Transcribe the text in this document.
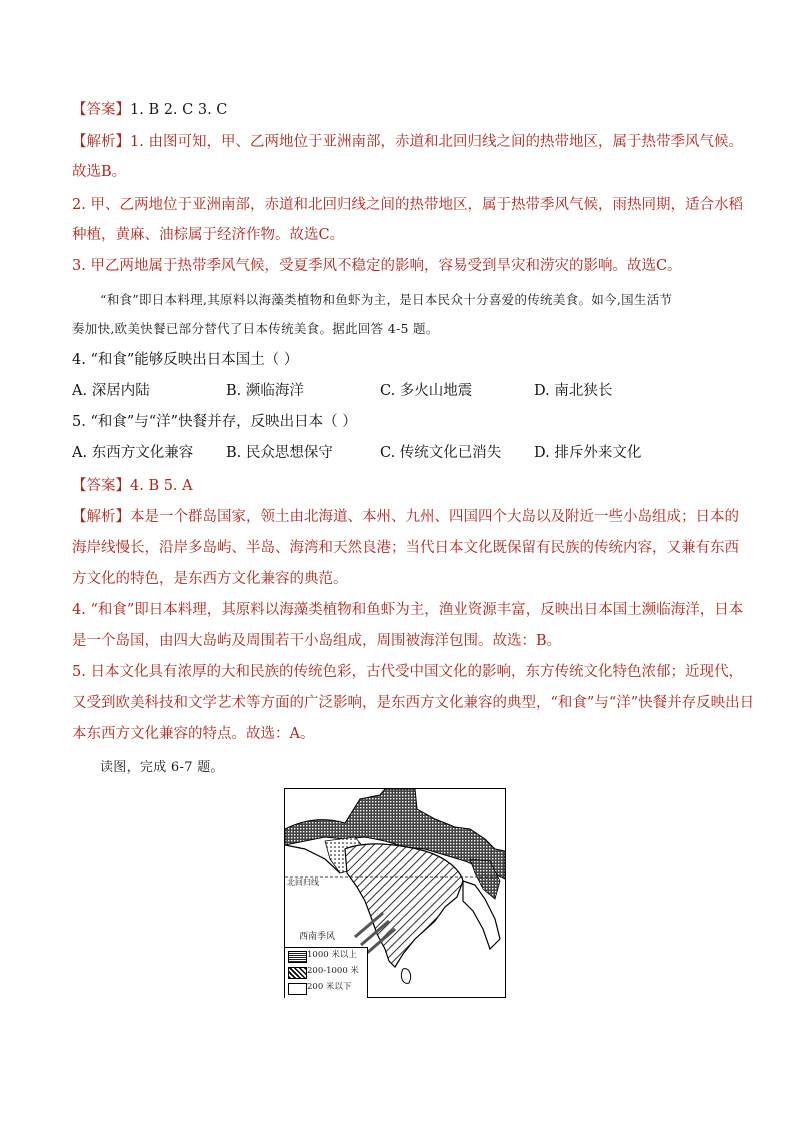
【答案】1. B 2. C 3. C
【解析】1. 由图可知，甲、乙两地位于亚洲南部，赤道和北回归线之间的热带地区，属于热带季风气候。
故选B。
2. 甲、乙两地位于亚洲南部，赤道和北回归线之间的热带地区，属于热带季风气候，雨热同期，适合水稻
种植，黄麻、油棕属于经济作物。故选C。
3. 甲乙两地属于热带季风气候，受夏季风不稳定的影响，容易受到旱灾和涝灾的影响。故选C。
“和食”即日本料理,其原料以海藻类植物和鱼虾为主，是日本民众十分喜爱的传统美食。如今,国生活节
奏加快,欧美快餐已部分替代了日本传统美食。据此回答 4-5 题。
4. “和食”能够反映出日本国土（ ）
A. 深居内陆	B. 濒临海洋	C. 多火山地震	D. 南北狭长
5. “和食”与“洋”快餐并存，反映出日本（ ）
A. 东西方文化兼容 B. 民众思想保守	C. 传统文化已消失 D. 排斥外来文化
【答案】4. B 5. A
【解析】本是一个群岛国家，领土由北海道、本州、九州、四国四个大岛以及附近一些小岛组成；日本的
海岸线慢长，沿岸多岛屿、半岛、海湾和天然良港；当代日本文化既保留有民族的传统内容，又兼有东西
方文化的特色，是东西方文化兼容的典范。
4. “和食”即日本料理，其原料以海藻类植物和鱼虾为主，渔业资源丰富，反映出日本国土濒临海洋，日本
是一个岛国，由四大岛屿及周围若干小岛组成，周围被海洋包围。故选：B。
5. 日本文化具有浓厚的大和民族的传统色彩，古代受中国文化的影响，东方传统文化特色浓郁；近现代，
又受到欧美科技和文学艺术等方面的广泛影响，是东西方文化兼容的典型，“和食”与“洋”快餐并存反映出日
本东西方文化兼容的特点。故选：A。
读图，完成 6-7 题。
北回归线
西南季风
1000 米以上
200-1000 米
200 米以下
